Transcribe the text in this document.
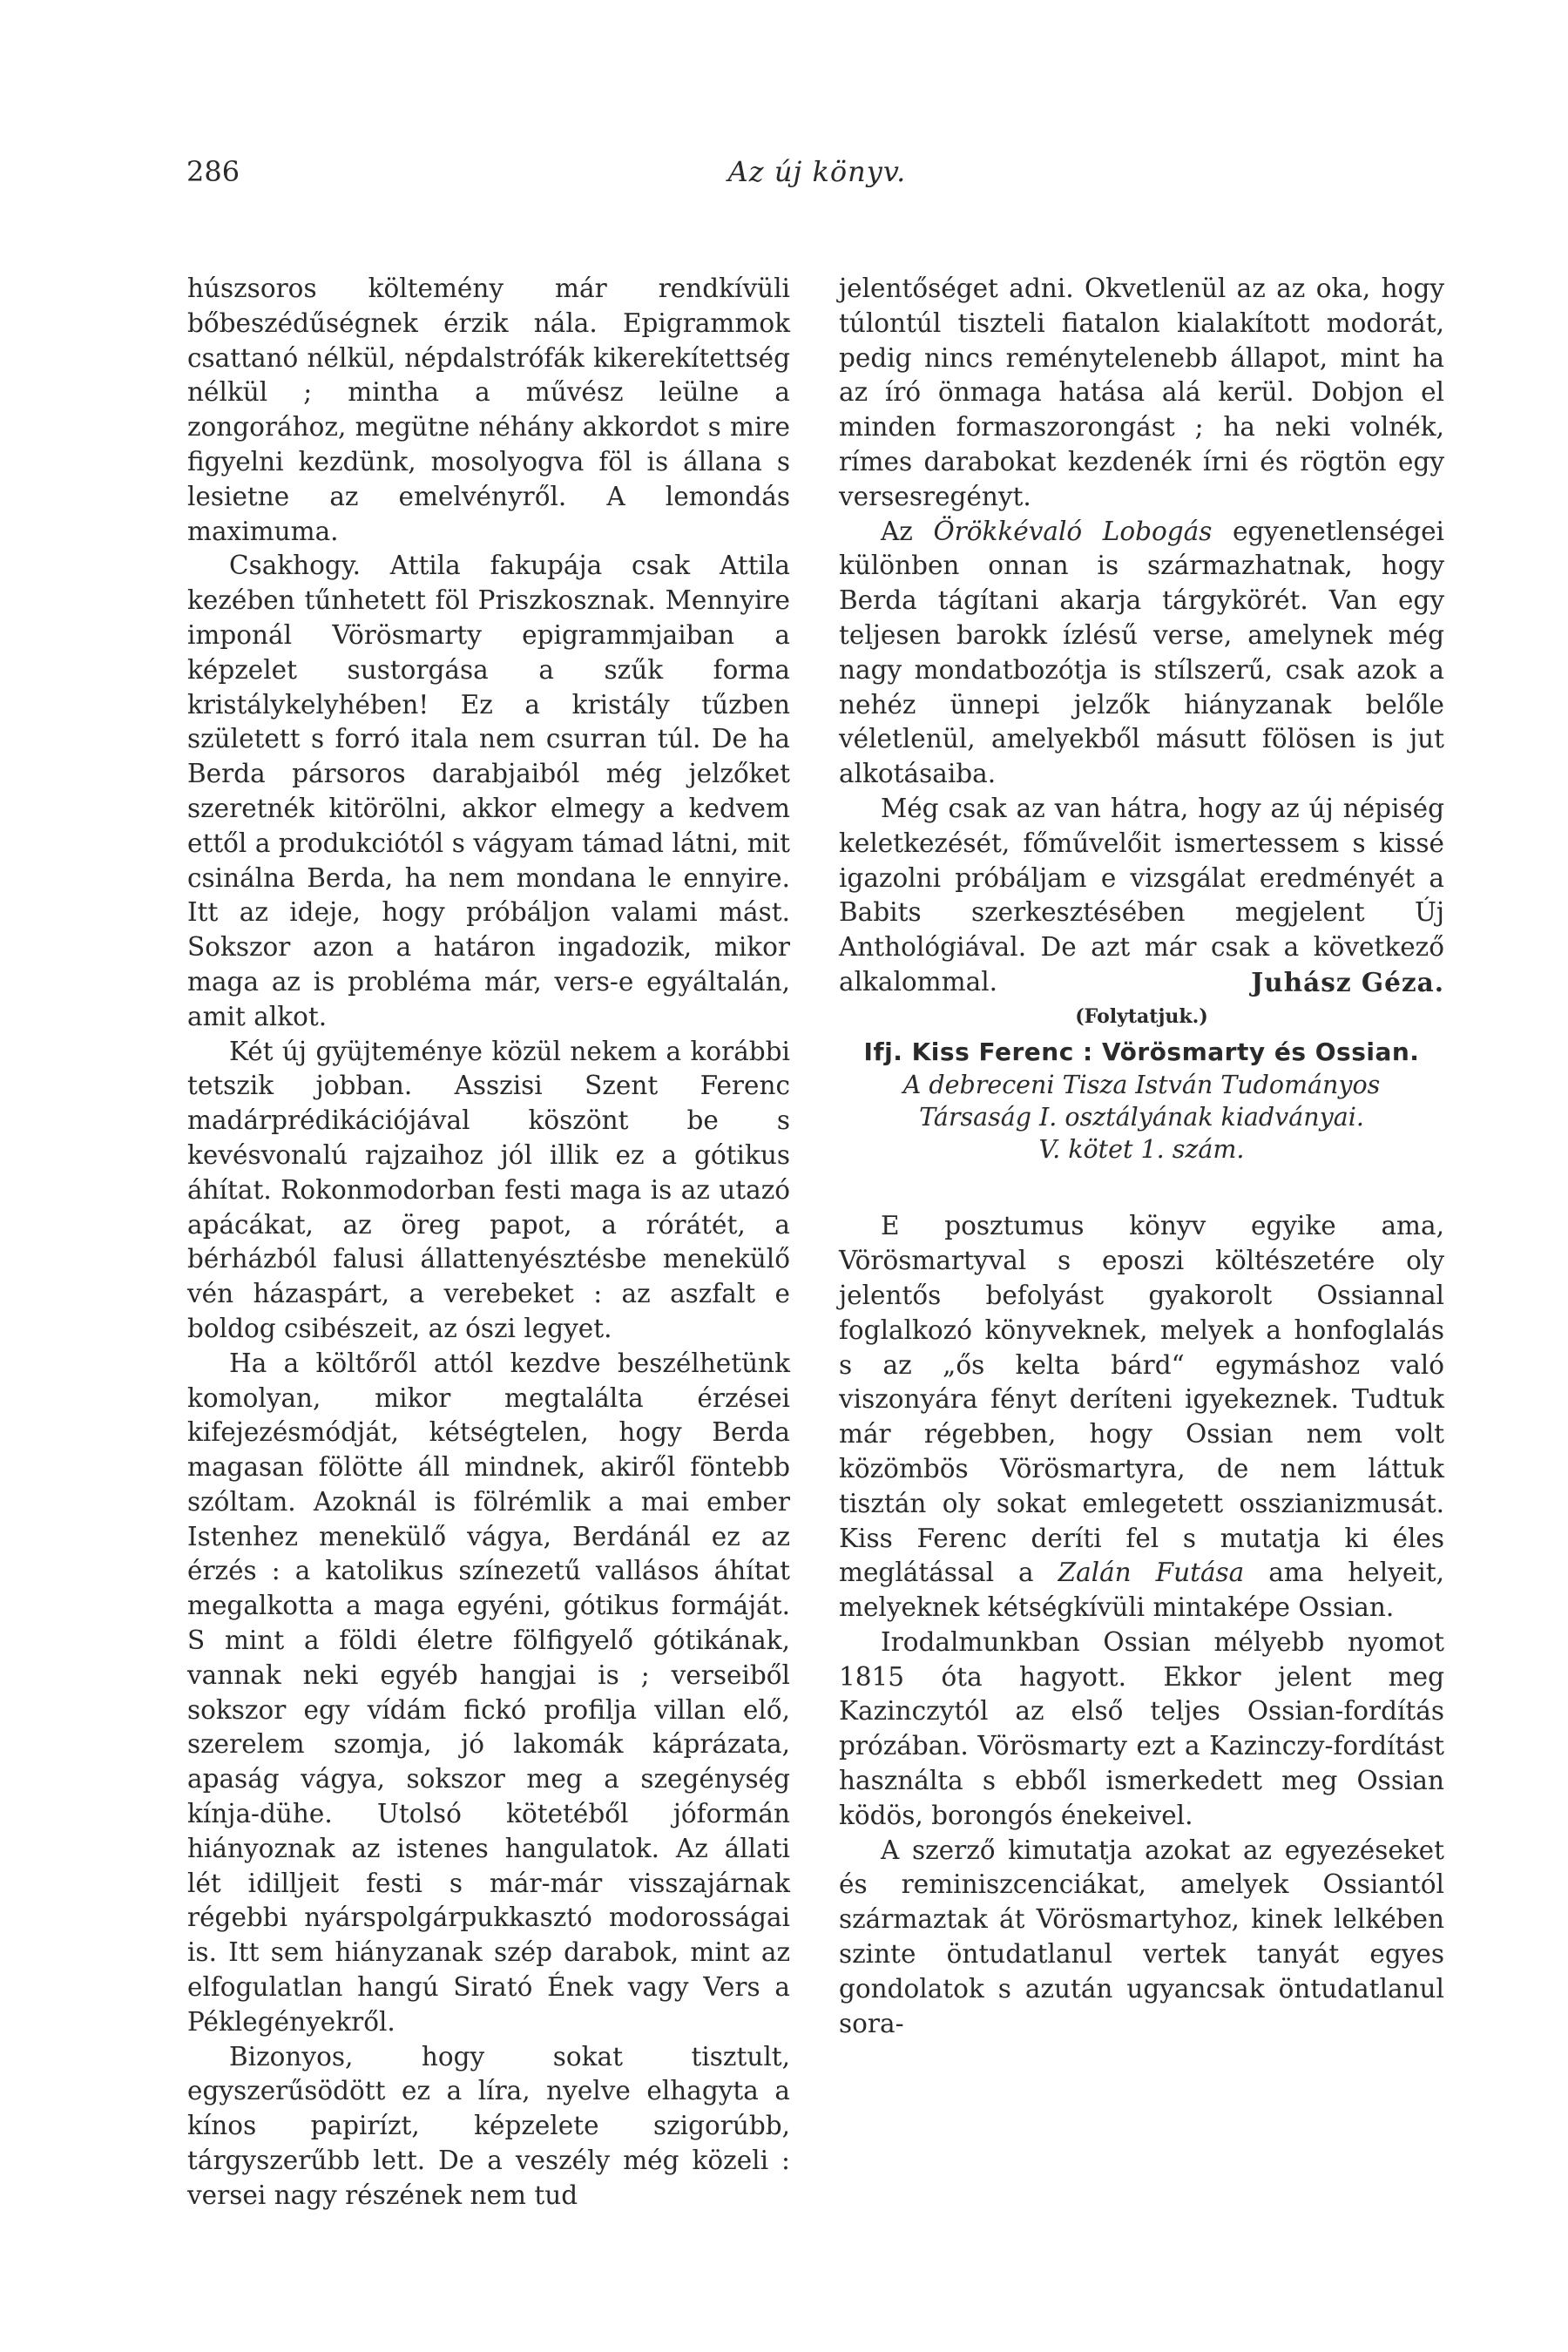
286	Az új könyv.

húszsoros költemény már rendkívüli bőbeszédűségnek érzik nála. Epigrammok csattanó nélkül, népdalstrófák kikerekítettség nélkül ; mintha a művész leülne a zongorához, megütne néhány akkordot s mire figyelni kezdünk, mosolyogva föl is állana s lesietne az emelvényről. A lemondás maximuma.

Csakhogy. Attila fakupája csak Attila kezében tűnhetett föl Priszkosznak. Mennyire imponál Vörösmarty epigrammjaiban a képzelet sustorgása a szűk forma kristálykelyhében! Ez a kristály tűzben született s forró itala nem csurran túl. De ha Berda pársoros darabjaiból még jelzőket szeretnék kitörölni, akkor elmegy a kedvem ettől a produkciótól s vágyam támad látni, mit csinálna Berda, ha nem mondana le ennyire. Itt az ideje, hogy próbáljon valami mást. Sokszor azon a határon ingadozik, mikor maga az is probléma már, vers-e egyáltalán, amit alkot.

Két új gyüjteménye közül nekem a korábbi tetszik jobban. Asszisi Szent Ferenc madárprédikációjával köszönt be s kevésvonalú rajzaihoz jól illik ez a gótikus áhítat. Rokonmodorban festi maga is az utazó apácákat, az öreg papot, a rórátét, a bérházból falusi állattenyésztésbe menekülő vén házaspárt, a verebeket : az aszfalt e boldog csibészeit, az ószi legyet.

Ha a költőről attól kezdve beszélhetünk komolyan, mikor megtalálta érzései kifejezésmódját, kétségtelen, hogy Berda magasan fölötte áll mindnek, akiről föntebb szóltam. Azoknál is fölrémlik a mai ember Istenhez menekülő vágya, Berdánál ez az érzés : a katolikus színezetű vallásos áhítat megalkotta a maga egyéni, gótikus formáját. S mint a földi életre fölfigyelő gótikának, vannak neki egyéb hangjai is ; verseiből sokszor egy vídám fickó profilja villan elő, szerelem szomja, jó lakomák káprázata, apaság vágya, sokszor meg a szegénység kínja-dühe. Utolsó kötetéből jóformán hiányoznak az istenes hangulatok. Az állati lét idilljeit festi s már-már visszajárnak régebbi nyárspolgárpukkasztó modorosságai is. Itt sem hiányzanak szép darabok, mint az elfogulatlan hangú Sirató Ének vagy Vers a Péklegényekről.

Bizonyos, hogy sokat tisztult, egyszerűsödött ez a líra, nyelve elhagyta a kínos papirízt, képzelete szigorúbb, tárgyszerűbb lett. De a veszély még közeli : versei nagy részének nem tud

jelentőséget adni. Okvetlenül az az oka, hogy túlontúl tiszteli fiatalon kialakított modorát, pedig nincs reménytelenebb állapot, mint ha az író önmaga hatása alá kerül. Dobjon el minden formaszorongást ; ha neki volnék, rímes darabokat kezdenék írni és rögtön egy versesregényt.

Az Örökkévaló Lobogás egyenetlenségei különben onnan is származhatnak, hogy Berda tágítani akarja tárgykörét. Van egy teljesen barokk ízlésű verse, amelynek még nagy mondatbozótja is stílszerű, csak azok a nehéz ünnepi jelzők hiányzanak belőle véletlenül, amelyekből másutt fölösen is jut alkotásaiba.

Még csak az van hátra, hogy az új népiség keletkezését, főművelőit ismertessem s kissé igazolni próbáljam e vizsgálat eredményét a Babits szerkesztésében megjelent Új Anthológiával. De azt már csak a következő alkalommal.	Juhász Géza.

(Folytatjuk.)

Ifj. Kiss Ferenc : Vörösmarty és Ossian.

A debreceni Tisza István Tudományos
Társaság I. osztályának kiadványai.
V. kötet 1. szám.

E posztumus könyv egyike ama, Vörösmartyval s eposzi költészetére oly jelentős befolyást gyakorolt Ossiannal foglalkozó könyveknek, melyek a honfoglalás s az „ős kelta bárd“ egymáshoz való viszonyára fényt deríteni igyekeznek. Tudtuk már régebben, hogy Ossian nem volt közömbös Vörösmartyra, de nem láttuk tisztán oly sokat emlegetett osszianizmusát. Kiss Ferenc deríti fel s mutatja ki éles meglátással a Zalán Futása ama helyeit, melyeknek kétségkívüli mintaképe Ossian.

Irodalmunkban Ossian mélyebb nyomot 1815 óta hagyott. Ekkor jelent meg Kazinczytól az első teljes Ossian-fordítás prózában. Vörösmarty ezt a Kazinczy-fordítást használta s ebből ismerkedett meg Ossian ködös, borongós énekeivel.

A szerző kimutatja azokat az egyezéseket és reminiszcenciákat, amelyek Ossiantól származtak át Vörösmartyhoz, kinek lelkében szinte öntudatlanul vertek tanyát egyes gondolatok s azután ugyancsak öntudatlanul sora-
